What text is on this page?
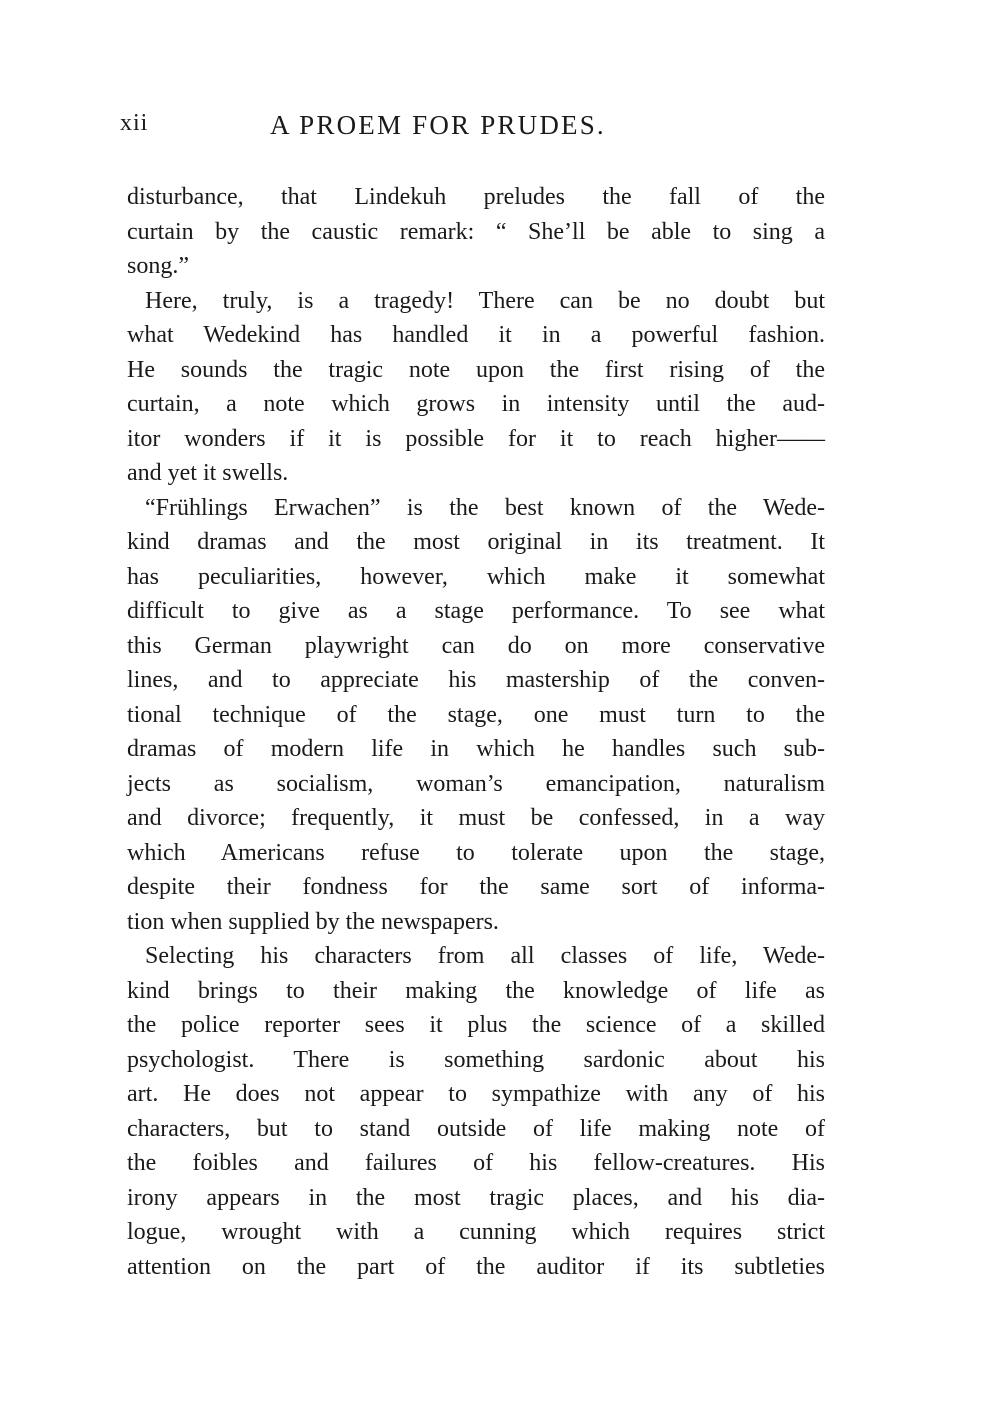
xii	A PROEM FOR PRUDES.
disturbance, that Lindekuh preludes the fall of the
curtain by the caustic remark: “ She’ll be able to sing a
song.”
Here, truly, is a tragedy! There can be no doubt but
what Wedekind has handled it in a powerful fashion.
He sounds the tragic note upon the first rising of the
curtain, a note which grows in intensity until the aud-
itor wonders if it is possible for it to reach higher——
and yet it swells.
“Frühlings Erwachen” is the best known of the Wede-
kind dramas and the most original in its treatment. It
has peculiarities, however, which make it somewhat
difficult to give as a stage performance. To see what
this German playwright can do on more conservative
lines, and to appreciate his mastership of the conven-
tional technique of the stage, one must turn to the
dramas of modern life in which he handles such sub-
jects as socialism, woman’s emancipation, naturalism
and divorce; frequently, it must be confessed, in a way
which Americans refuse to tolerate upon the stage,
despite their fondness for the same sort of informa-
tion when supplied by the newspapers.
Selecting his characters from all classes of life, Wede-
kind brings to their making the knowledge of life as
the police reporter sees it plus the science of a skilled
psychologist. There is something sardonic about his
art. He does not appear to sympathize with any of his
characters, but to stand outside of life making note of
the foibles and failures of his fellow-creatures. His
irony appears in the most tragic places, and his dia-
logue, wrought with a cunning which requires strict
attention on the part of the auditor if its subtleties
